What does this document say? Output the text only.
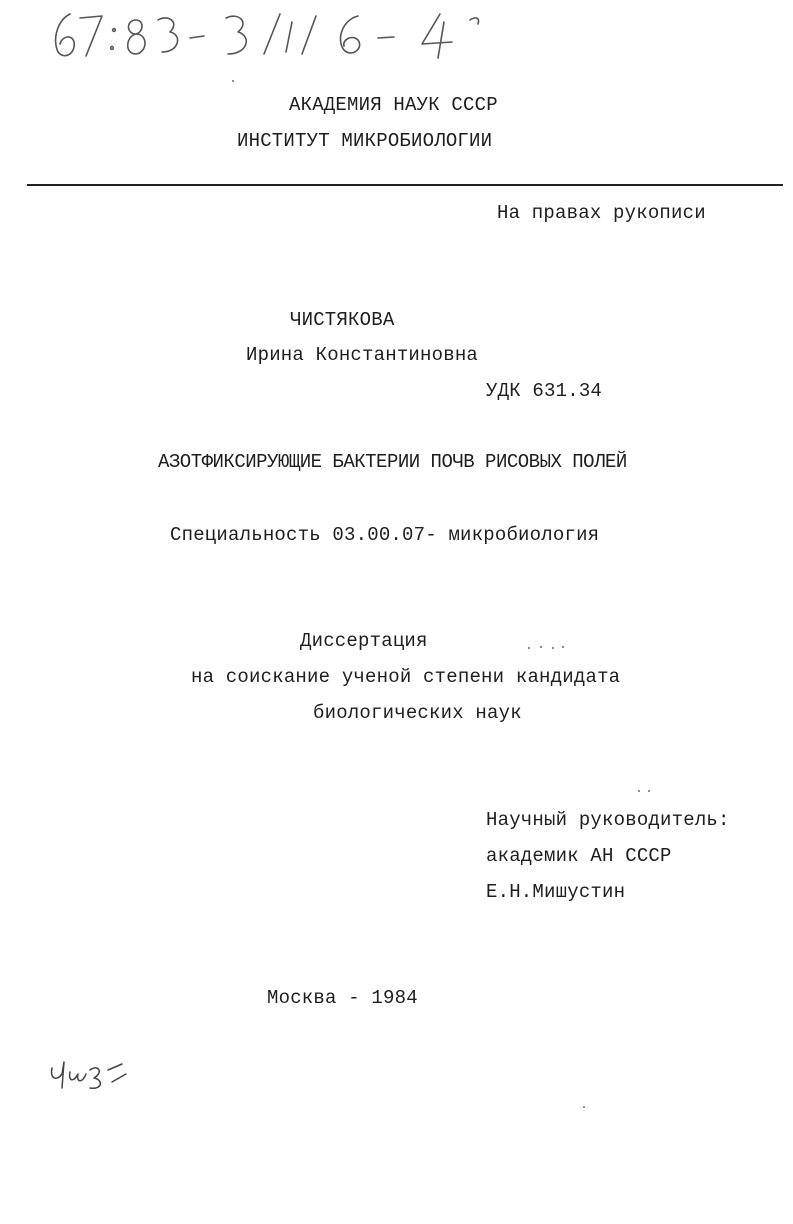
АКАДЕМИЯ НАУК СССР
ИНСТИТУТ МИКРОБИОЛОГИИ
На правах рукописи
ЧИСТЯКОВА
Ирина Константиновна
УДК 631.34
АЗОТФИКСИРУЮЩИЕ БАКТЕРИИ ПОЧВ РИСОВЫХ ПОЛЕЙ
Специальность 03.00.07- микробиология
Диссертация
на соискание ученой степени кандидата
биологических наук
Научный руководитель:
академик АН СССР
Е.Н.Мишустин
Москва - 1984
